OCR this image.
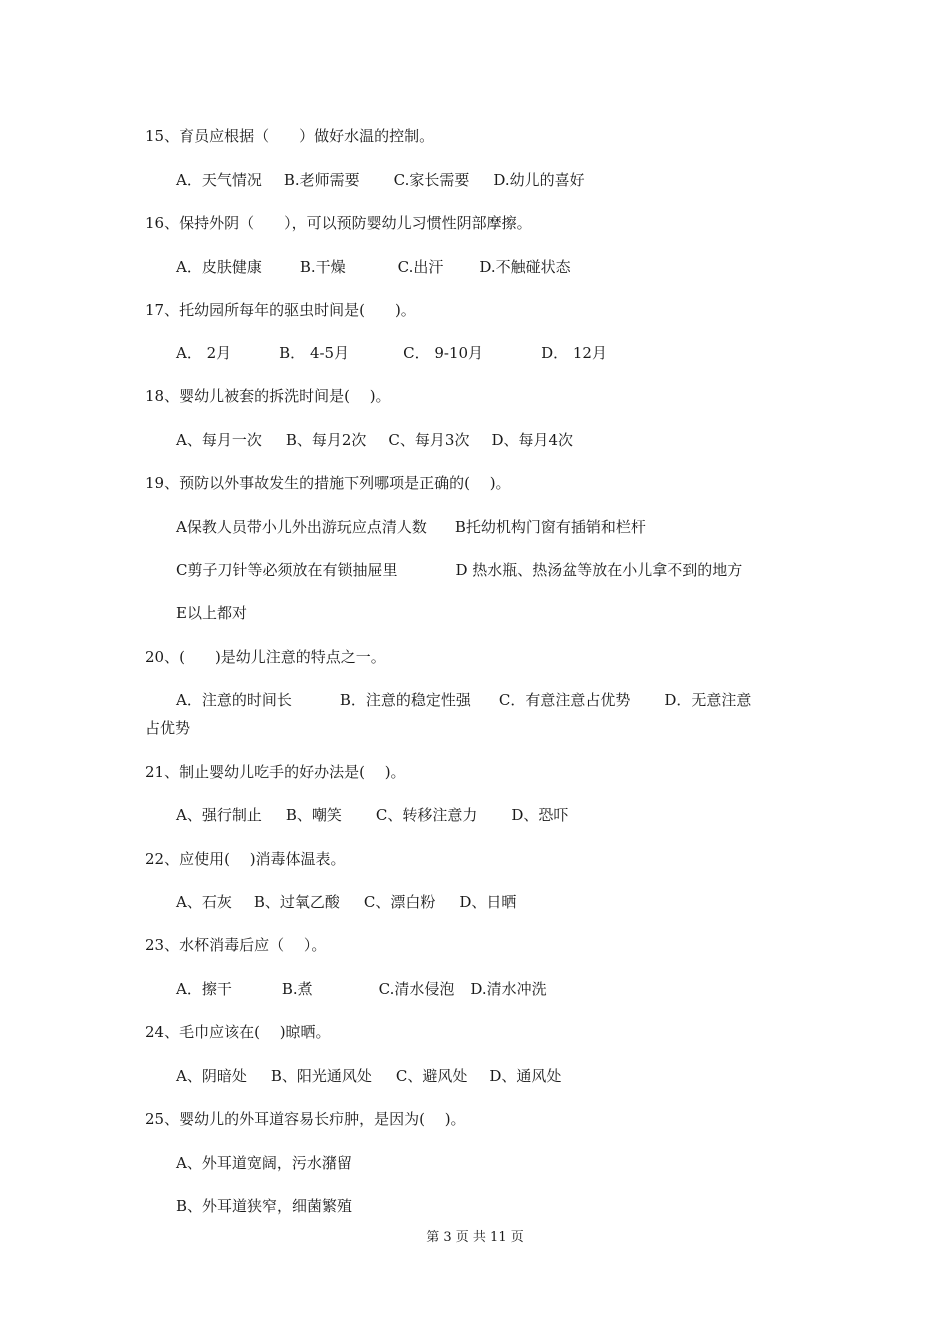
15、育员应根据（　　）做好水温的控制。
A．天气情况 B.老师需要 C.家长需要 D.幼儿的喜好
16、保持外阴（　　），可以预防婴幼儿习惯性阴部摩擦。
A．皮肤健康	B.干燥	C.出汗 D.不触碰状态
17、托幼园所每年的驱虫时间是(　　)。
A． 2月	B． 4-5月	C． 9-10月	D． 12月
18、婴幼儿被套的拆洗时间是(　 )。
A、每月一次 B、每月2次 C、每月3次 D、每月4次
19、预防以外事故发生的措施下列哪项是正确的(　 )。
A保教人员带小儿外出游玩应点清人数 B托幼机构门窗有插销和栏杆
C剪子刀针等必须放在有锁抽屉里	D 热水瓶、热汤盆等放在小儿拿不到的地方
E以上都对
20、(　　)是幼儿注意的特点之一。
A．注意的时间长	B．注意的稳定性强 C．有意注意占优势 D．无意注意
占优势
21、制止婴幼儿吃手的好办法是(　 )。
A、强行制止 B、嘲笑 C、转移注意力 D、恐吓
22、应使用(　 )消毒体温表。
A、石灰 B、过氧乙酸 C、漂白粉 D、日晒
23、水杯消毒后应（　 ）。
A．擦干	B.煮	C.清水侵泡 D.清水冲洗
24、毛巾应该在(　 )晾晒。
A、阴暗处 B、阳光通风处 C、避风处 D、通风处
25、婴幼儿的外耳道容易长疖肿，是因为(　 )。
A、外耳道宽阔，污水潴留
B、外耳道狭窄，细菌繁殖
第 3 页 共 11 页
